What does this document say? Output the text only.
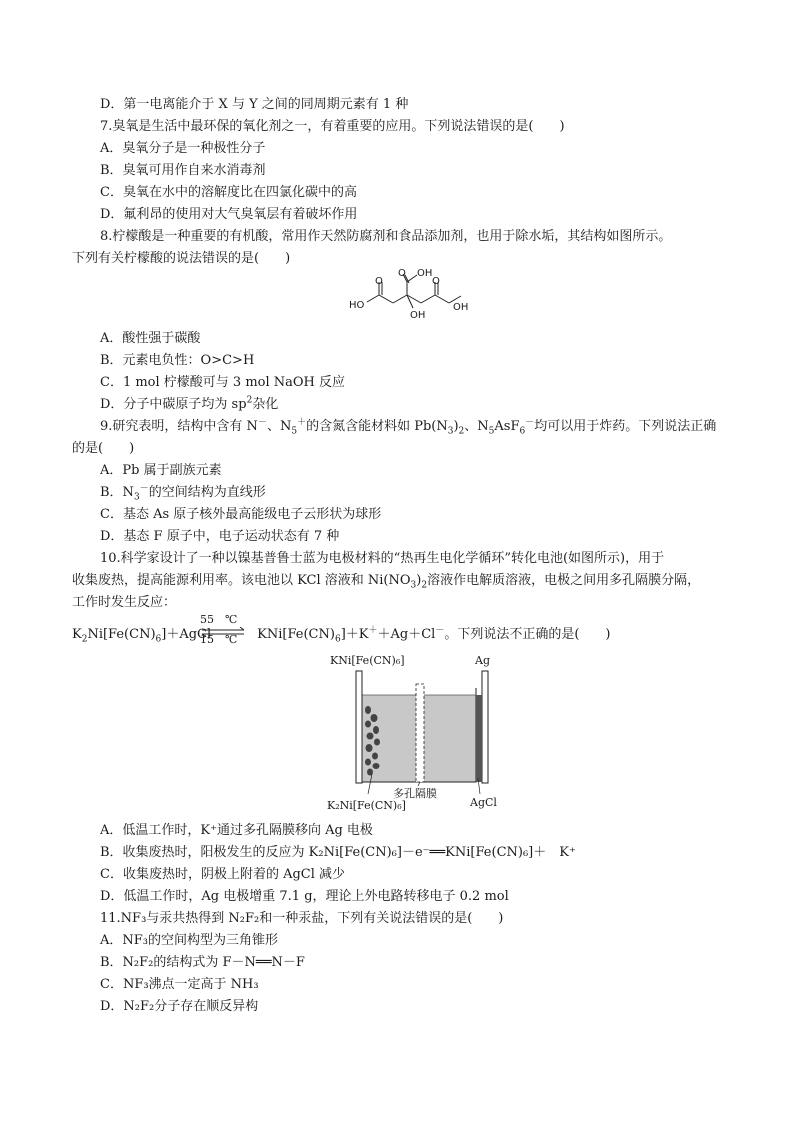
D．第一电离能介于 X 与 Y 之间的同周期元素有 1 种
7.臭氧是生活中最环保的氧化剂之一，有着重要的应用。下列说法错误的是(　　)
A．臭氧分子是一种极性分子
B．臭氧可用作自来水消毒剂
C．臭氧在水中的溶解度比在四氯化碳中的高
D．氟利昂的使用对大气臭氧层有着破坏作用
8.柠檬酸是一种重要的有机酸，常用作天然防腐剂和食品添加剂，也用于除水垢，其结构如图所示。
下列有关柠檬酸的说法错误的是(　　)
HO
O
O OH
OH
OH
O
A．酸性强于碳酸
B．元素电负性：O>C>H
C．1 mol 柠檬酸可与 3 mol NaOH 反应
D．分子中碳原子均为 $sp^2$杂化
9.研究表明，结构中含有 N－、$N_5^+$的含氮含能材料如 $Pb(N_3)_2$、$N_5AsF_6^-$均可以用于炸药。下列说法正确
的是(　　)
A．Pb 属于副族元素
B．$N_3^-$的空间结构为直线形
C．基态 As 原子核外最高能级电子云形状为球形
D．基态 F 原子中，电子运动状态有 7 种
10.科学家设计了一种以镍基普鲁士蓝为电极材料的“热再生电化学循环”转化电池(如图所示)，用于
收集废热，提高能源利用率。该电池以 KCl 溶液和 $Ni(NO_3)_2$溶液作电解质溶液，电极之间用多孔隔膜分隔，
工作时发生反应：
$K_2Ni[Fe(CN)_6]+AgCl$	$KNi[Fe(CN)_6]+K^++Ag+Cl^-$。下列说法不正确的是(　　)
55　℃
15　℃
KNi[Fe(CN)₆]	Ag
K₂Ni[Fe(CN)₆]
多孔隔膜
AgCl
A．低温工作时，K⁺通过多孔隔膜移向 Ag 电极
B．收集废热时，阳极发生的反应为 K₂Ni[Fe(CN)₆]－e⁻══KNi[Fe(CN)₆]＋　K⁺
C．收集废热时，阴极上附着的 AgCl 减少
D．低温工作时，Ag 电极增重 7.1 g，理论上外电路转移电子 0.2 mol
11.NF₃与汞共热得到 N₂F₂和一种汞盐，下列有关说法错误的是(　　)
A．NF₃的空间构型为三角锥形
B．N₂F₂的结构式为 F－N══N－F
C．NF₃沸点一定高于 NH₃
D．N₂F₂分子存在顺反异构
